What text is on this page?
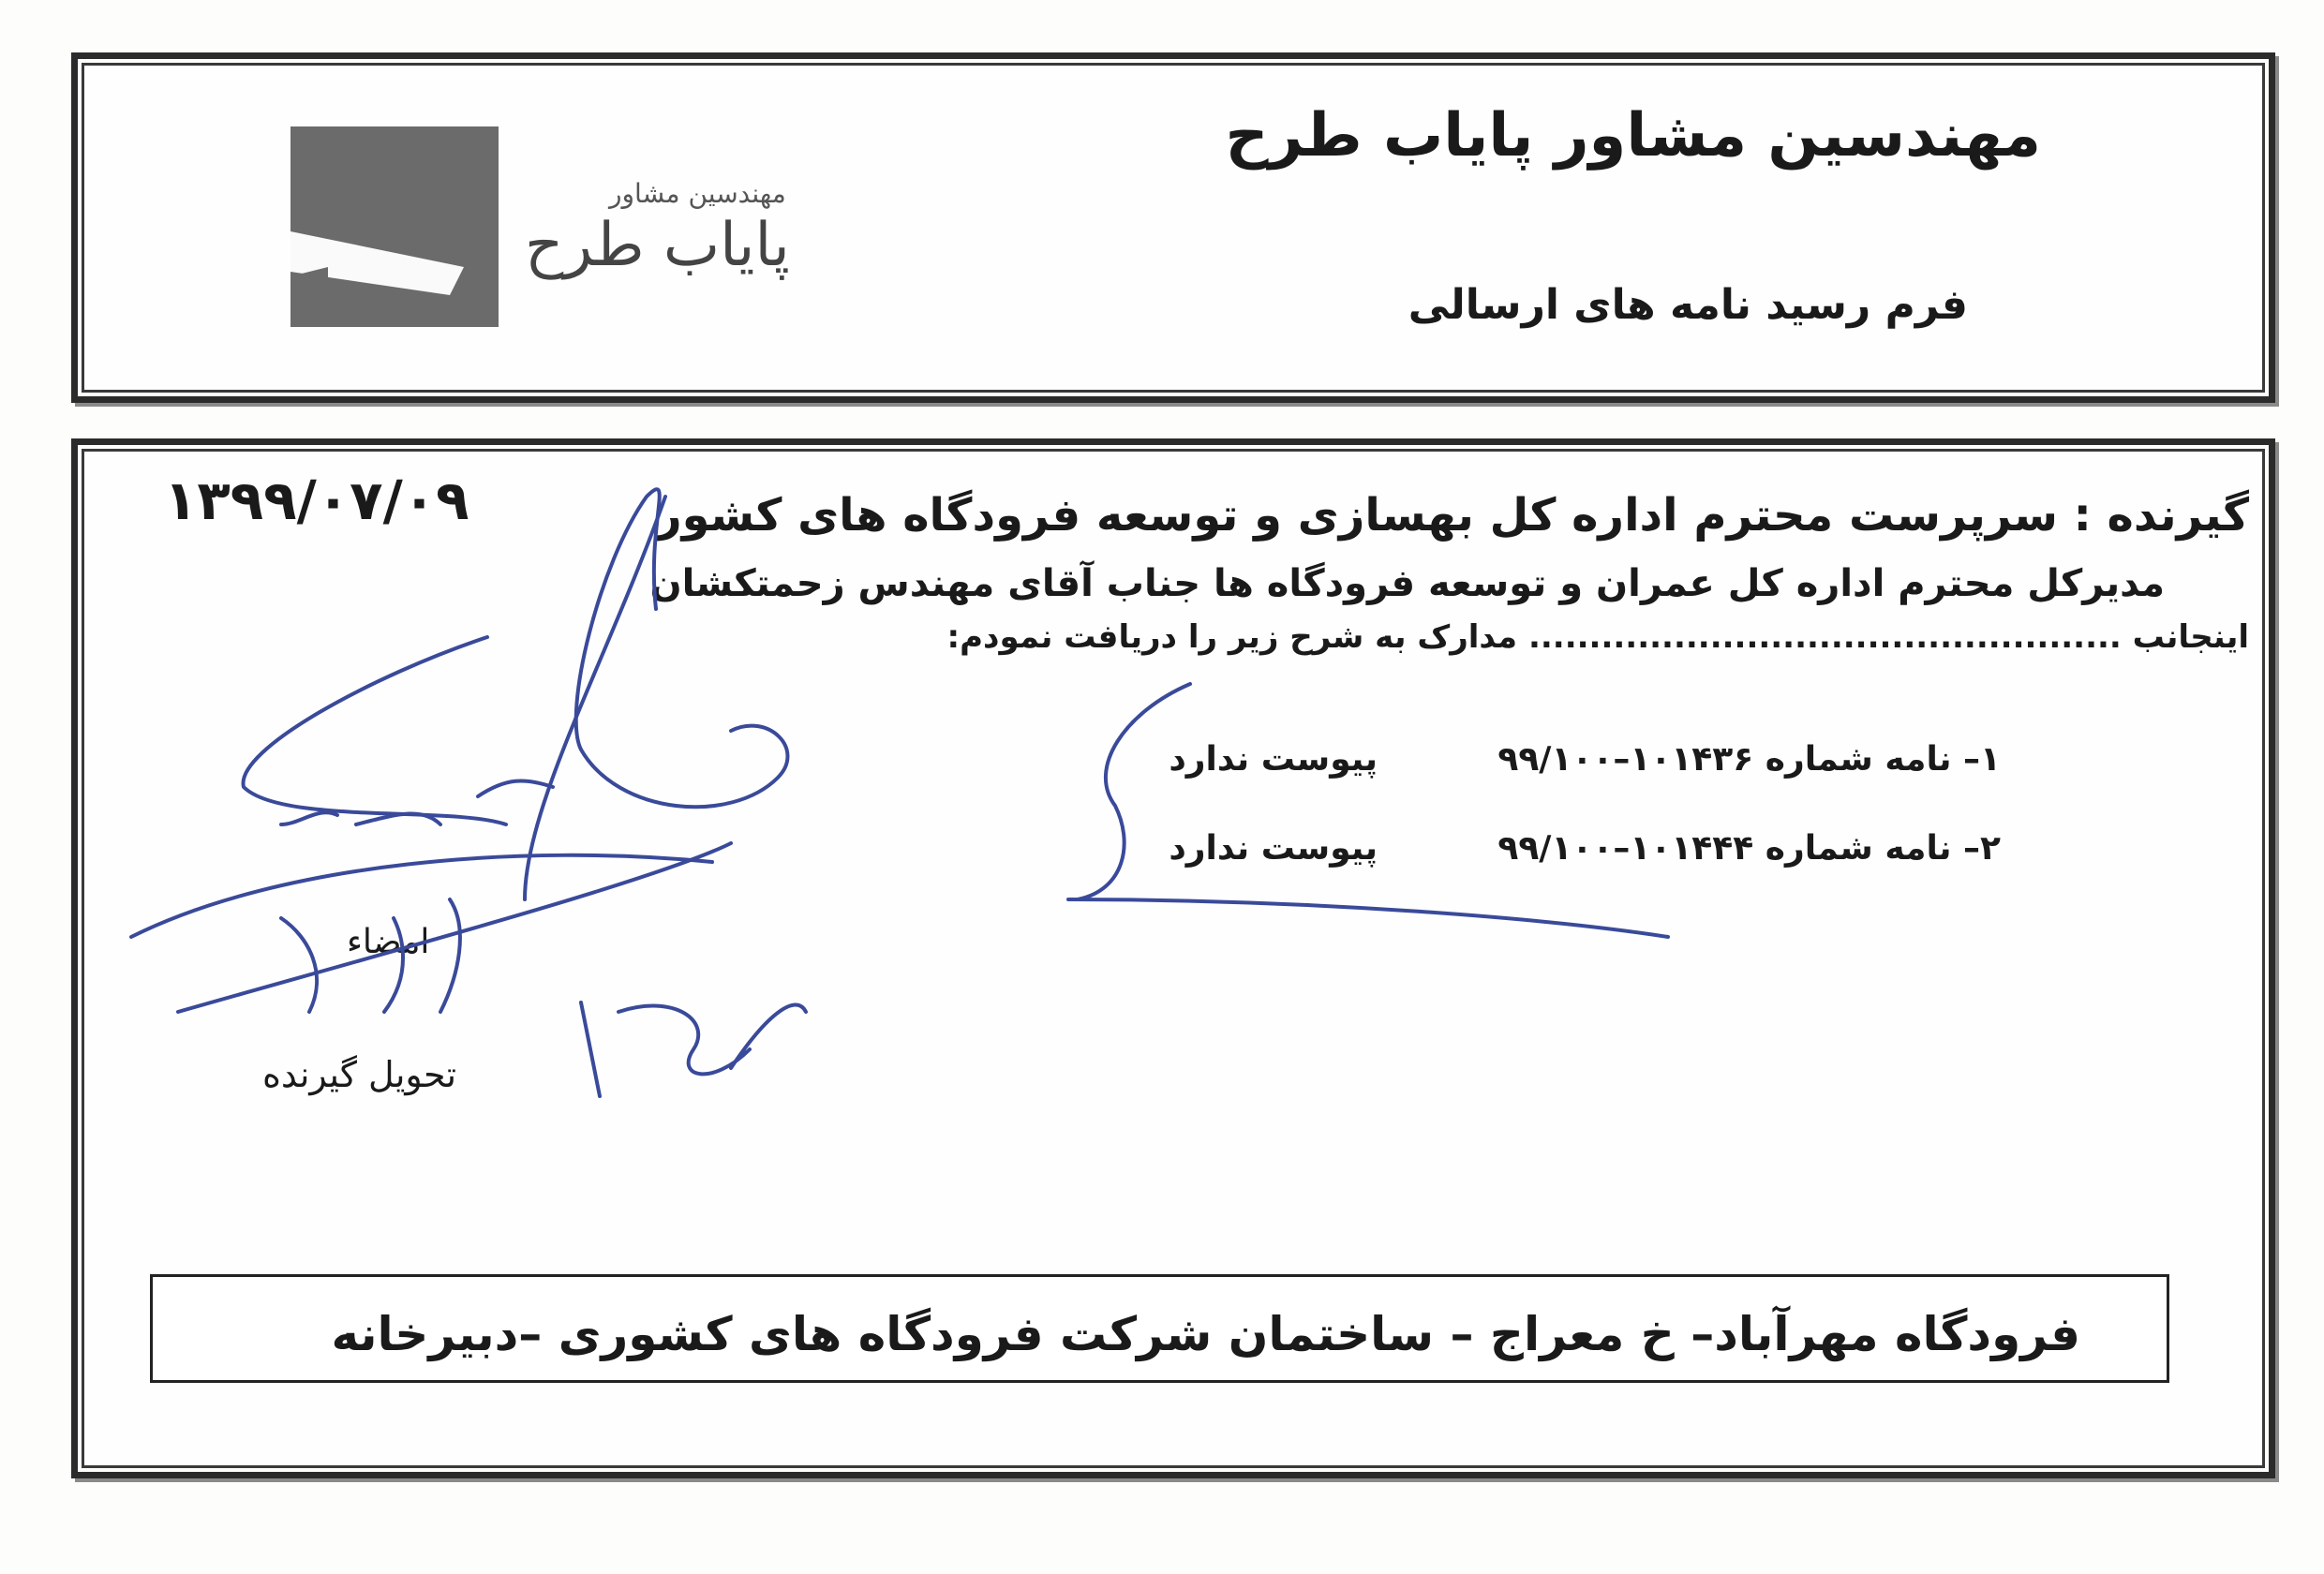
مهندسین مشاور پایاب طرح
فرم رسید نامه های ارسالی
مهندسین مشاور
پایاب طرح
۱۳۹۹/۰۷/۰۹	گیرنده : سرپرست محترم اداره کل بهسازی و توسعه فرودگاه های کشور
مدیرکل محترم اداره کل عمران و توسعه فرودگاه ها جناب آقای مهندس زحمتکشان
اینجانب ................................................. مدارک به شرح زیر را دریافت نمودم:
۱– نامه شماره ۱۰۱۴۳۶–۹۹/۱۰۰
پیوست ندارد
۲– نامه شماره ۱۰۱۴۴۴–۹۹/۱۰۰
پیوست ندارد
امضاء
تحویل گیرنده
فرودگاه مهرآباد– خ معراج – ساختمان شرکت فرودگاه های کشوری –دبیرخانه
